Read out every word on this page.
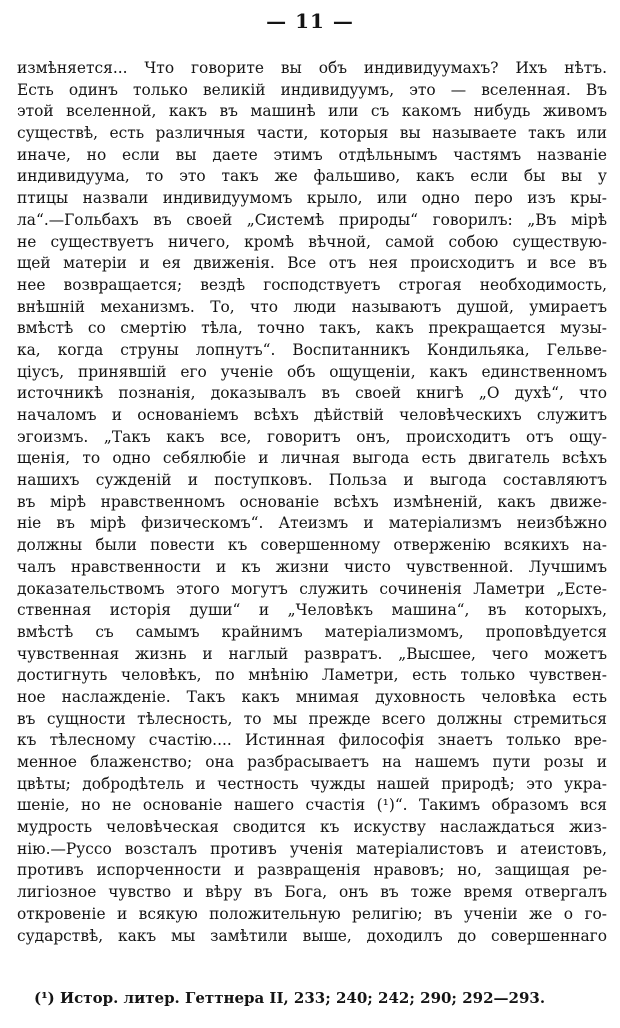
— 11 —
измѣняется... Что говорите вы объ индивидуумахъ? Ихъ нѣтъ.
Есть одинъ только великій индивидуумъ, это — вселенная. Въ
этой вселенной, какъ въ машинѣ или съ какомъ нибудь живомъ
существѣ, есть различныя части, которыя вы называете такъ или
иначе, но если вы даете этимъ отдѣльнымъ частямъ названіе
индивидуума, то это такъ же фальшиво, какъ если бы вы у
птицы назвали индивидуумомъ крыло, или одно перо изъ кры-
ла“.—Гольбахъ въ своей „Системѣ природы“ говорилъ: „Въ мірѣ
не существуетъ ничего, кромѣ вѣчной, самой собою существую-
щей матеріи и ея движенія. Все отъ нея происходитъ и все въ
нее возвращается; вездѣ господствуетъ строгая необходимость,
внѣшній механизмъ. То, что люди называютъ душой, умираетъ
вмѣстѣ со смертію тѣла, точно такъ, какъ прекращается музы-
ка, когда струны лопнутъ“. Воспитанникъ Кондильяка, Гельве-
ціусъ, принявшій его ученіе объ ощущеніи, какъ единственномъ
источникѣ познанія, доказывалъ въ своей книгѣ „О духѣ“, что
началомъ и основаніемъ всѣхъ дѣйствій человѣческихъ служитъ
эгоизмъ. „Такъ какъ все, говоритъ онъ, происходитъ отъ ощу-
щенія, то одно себялюбіе и личная выгода есть двигатель всѣхъ
нашихъ сужденій и поступковъ. Польза и выгода составляютъ
въ мірѣ нравственномъ основаніе всѣхъ измѣненій, какъ движе-
ніе въ мірѣ физическомъ“. Атеизмъ и матеріализмъ неизбѣжно
должны были повести къ совершенному отверженію всякихъ на-
чалъ нравственности и къ жизни чисто чувственной. Лучшимъ
доказательствомъ этого могутъ служить сочиненія Ламетри „Есте-
ственная исторія души“ и „Человѣкъ машина“, въ которыхъ,
вмѣстѣ съ самымъ крайнимъ матеріализмомъ, проповѣдуется
чувственная жизнь и наглый развратъ. „Высшее, чего можетъ
достигнуть человѣкъ, по мнѣнію Ламетри, есть только чувствен-
ное наслажденіе. Такъ какъ мнимая духовность человѣка есть
въ сущности тѣлесность, то мы прежде всего должны стремиться
къ тѣлесному счастію.... Истинная философія знаетъ только вре-
менное блаженство; она разбрасываетъ на нашемъ пути розы и
цвѣты; добродѣтель и честность чужды нашей природѣ; это укра-
шеніе, но не основаніе нашего счастія (¹)“. Такимъ образомъ вся
мудрость человѣческая сводится къ искуству наслаждаться жиз-
нію.—Руссо возсталъ противъ ученія матеріалистовъ и атеистовъ,
противъ испорченности и развращенія нравовъ; но, защищая ре-
лигіозное чувство и вѣру въ Бога, онъ въ тоже время отвергалъ
откровеніе и всякую положительную религію; въ ученіи же о го-
сударствѣ, какъ мы замѣтили выше, доходилъ до совершеннаго
(¹) Истор. литер. Геттнера II, 233; 240; 242; 290; 292—293.
